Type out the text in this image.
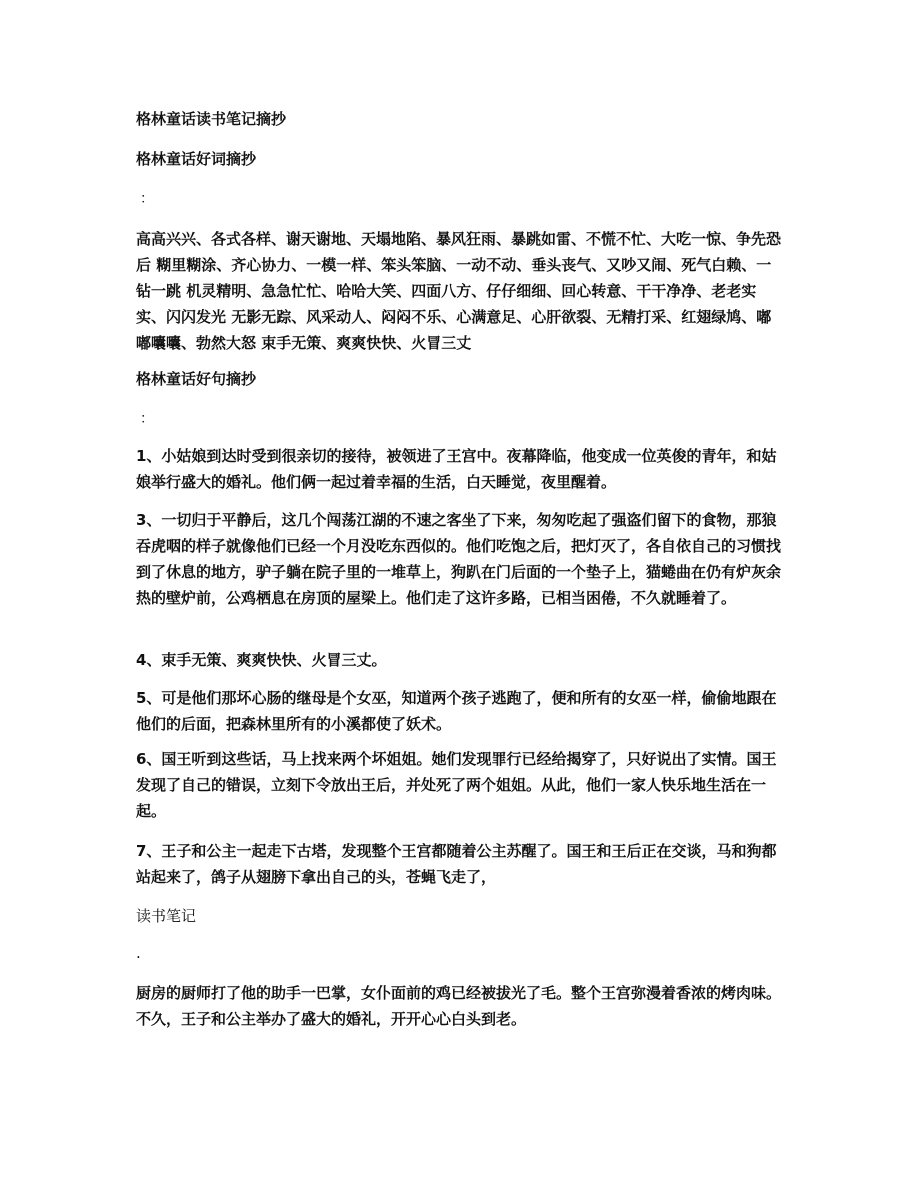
格林童话读书笔记摘抄

格林童话好词摘抄

：

高高兴兴、各式各样、谢天谢地、天塌地陷、暴风狂雨、暴跳如雷、不慌不忙、大吃一惊、争先恐后 糊里糊涂、齐心协力、一模一样、笨头笨脑、一动不动、垂头丧气、又吵又闹、死气白赖、一钻一跳 机灵精明、急急忙忙、哈哈大笑、四面八方、仔仔细细、回心转意、干干净净、老老实实、闪闪发光 无影无踪、风采动人、闷闷不乐、心满意足、心肝欲裂、无精打采、红翅绿鸠、嘟嘟囔囔、勃然大怒 束手无策、爽爽快快、火冒三丈

格林童话好句摘抄

：

1、小姑娘到达时受到很亲切的接待，被领进了王宫中。夜幕降临，他变成一位英俊的青年，和姑娘举行盛大的婚礼。他们俩一起过着幸福的生活，白天睡觉，夜里醒着。

3、一切归于平静后，这几个闯荡江湖的不速之客坐了下来，匆匆吃起了强盗们留下的食物，那狼吞虎咽的样子就像他们已经一个月没吃东西似的。他们吃饱之后，把灯灭了，各自依自己的习惯找到了休息的地方，驴子躺在院子里的一堆草上，狗趴在门后面的一个垫子上，猫蜷曲在仍有炉灰余热的壁炉前，公鸡栖息在房顶的屋梁上。他们走了这许多路，已相当困倦，不久就睡着了。

4、束手无策、爽爽快快、火冒三丈。

5、可是他们那坏心肠的继母是个女巫，知道两个孩子逃跑了，便和所有的女巫一样，偷偷地跟在他们的后面，把森林里所有的小溪都使了妖术。

6、国王听到这些话，马上找来两个坏姐姐。她们发现罪行已经给揭穿了，只好说出了实情。国王发现了自己的错误，立刻下令放出王后，并处死了两个姐姐。从此，他们一家人快乐地生活在一起。

7、王子和公主一起走下古塔，发现整个王宫都随着公主苏醒了。国王和王后正在交谈，马和狗都站起来了，鸽子从翅膀下拿出自己的头，苍蝇飞走了，

读书笔记

.

厨房的厨师打了他的助手一巴掌，女仆面前的鸡已经被拔光了毛。整个王宫弥漫着香浓的烤肉味。不久，王子和公主举办了盛大的婚礼，开开心心白头到老。
